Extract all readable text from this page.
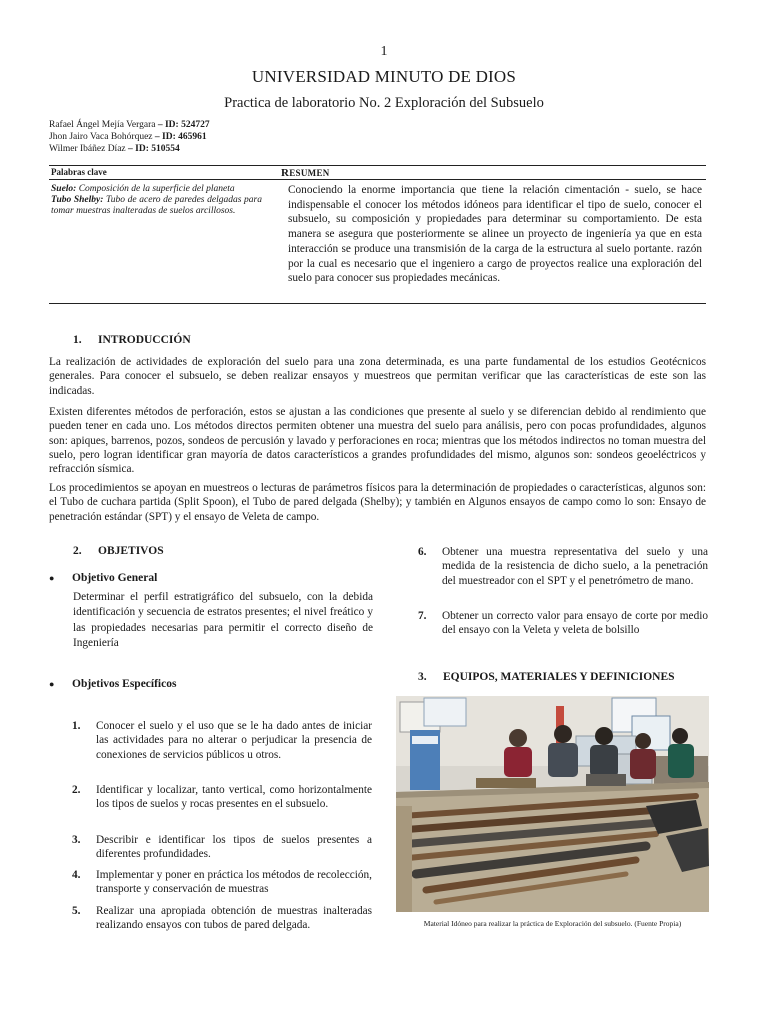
1
UNIVERSIDAD MINUTO DE DIOS
Practica de laboratorio No. 2 Exploración del Subsuelo
Rafael Ángel Mejía Vergara – ID: 524727
Jhon Jairo Vaca Bohórquez – ID: 465961
Wilmer Ibáñez Díaz – ID: 510554
Palabras clave	RESUMEN
Suelo: Composición de la superficie del planeta
Tubo Shelby: Tubo de acero de paredes delgadas para tomar muestras inalteradas de suelos arcillosos.
Conociendo la enorme importancia que tiene la relación cimentación - suelo, se hace indispensable el conocer los métodos idóneos para identificar el tipo de suelo, conocer el subsuelo, su composición y propiedades para determinar su comportamiento. De esta manera se asegura que posteriormente se alinee un proyecto de ingeniería ya que en esta interacción se produce una transmisión de la carga de la estructura al suelo portante. razón por la cual es necesario que el ingeniero a cargo de proyectos realice una exploración del suelo para conocer sus propiedades mecánicas.
1. INTRODUCCIÓN
La realización de actividades de exploración del suelo para una zona determinada, es una parte fundamental de los estudios Geotécnicos generales. Para conocer el subsuelo, se deben realizar ensayos y muestreos que permitan verificar que las características de este son las indicadas.
Existen diferentes métodos de perforación, estos se ajustan a las condiciones que presente al suelo y se diferencian debido al rendimiento que pueden tener en cada uno. Los métodos directos permiten obtener una muestra del suelo para análisis, pero con pocas profundidades, algunos son: apiques, barrenos, pozos, sondeos de percusión y lavado y perforaciones en roca; mientras que los métodos indirectos no toman muestra del suelo, pero logran identificar gran mayoría de datos característicos a grandes profundidades del mismo, algunos son: sondeos geoeléctricos y refracción sísmica.
Los procedimientos se apoyan en muestreos o lecturas de parámetros físicos para la determinación de propiedades o características, algunos son: el Tubo de cuchara partida (Split Spoon), el Tubo de pared delgada (Shelby); y también en Algunos ensayos de campo como lo son: Ensayo de penetración estándar (SPT) y el ensayo de Veleta de campo.
2. OBJETIVOS
● Objetivo General
Determinar el perfil estratigráfico del subsuelo, con la debida identificación y secuencia de estratos presentes; el nivel freático y las propiedades necesarias para permitir el correcto diseño de Ingeniería
● Objetivos Específicos
1. Conocer el suelo y el uso que se le ha dado antes de iniciar las actividades para no alterar o perjudicar la presencia de conexiones de servicios públicos u otros.
2. Identificar y localizar, tanto vertical, como horizontalmente los tipos de suelos y rocas presentes en el subsuelo.
3. Describir e identificar los tipos de suelos presentes a diferentes profundidades.
4. Implementar y poner en práctica los métodos de recolección, transporte y conservación de muestras
5. Realizar una apropiada obtención de muestras inalteradas realizando ensayos con tubos de pared delgada.
6. Obtener una muestra representativa del suelo y una medida de la resistencia de dicho suelo, a la penetración del muestreador con el SPT y el penetrómetro de mano.
7. Obtener un correcto valor para ensayo de corte por medio del ensayo con la Veleta y veleta de bolsillo
3. EQUIPOS, MATERIALES Y DEFINICIONES
Material Idóneo para realizar la práctica de Exploración del subsuelo. (Fuente Propia)
